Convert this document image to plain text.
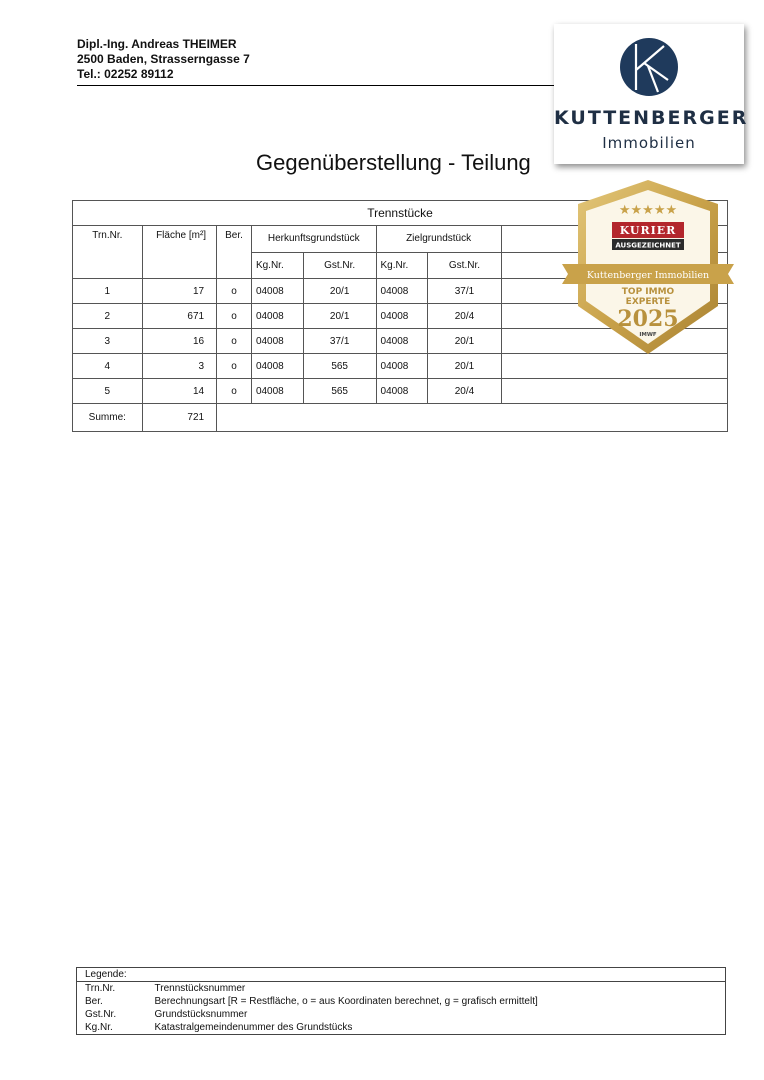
Dipl.-Ing. Andreas THEIMER
2500 Baden, Strasserngasse 7
Tel.: 02252 89112
KUTTENBERGER
Immobilien
Gegenüberstellung - Teilung
Trennstücke							
Trn.Nr.	Fläche [m²]	Ber.	Herkunftsgrundstück		Zielgrundstück		
			Kg.Nr.	Gst.Nr.	Kg.Nr.	Gst.Nr.	
1	17	o	04008	20/1	04008	37/1	
2	671	o	04008	20/1	04008	20/4	
3	16	o	04008	37/1	04008	20/1	
4	3	o	04008	565	04008	20/1	
5	14	o	04008	565	04008	20/4	
Summe:	721						
★★★★★
KURIER
AUSGEZEICHNET
Kuttenberger Immobilien
TOP IMMO
EXPERTE
2025
IMWF
Legende:	
Trn.Nr.	Trennstücksnummer
Ber.	Berechnungsart [R = Restfläche, o = aus Koordinaten berechnet, g = grafisch ermittelt]
Gst.Nr.	Grundstücksnummer
Kg.Nr.	Katastralgemeindenummer des Grundstücks
